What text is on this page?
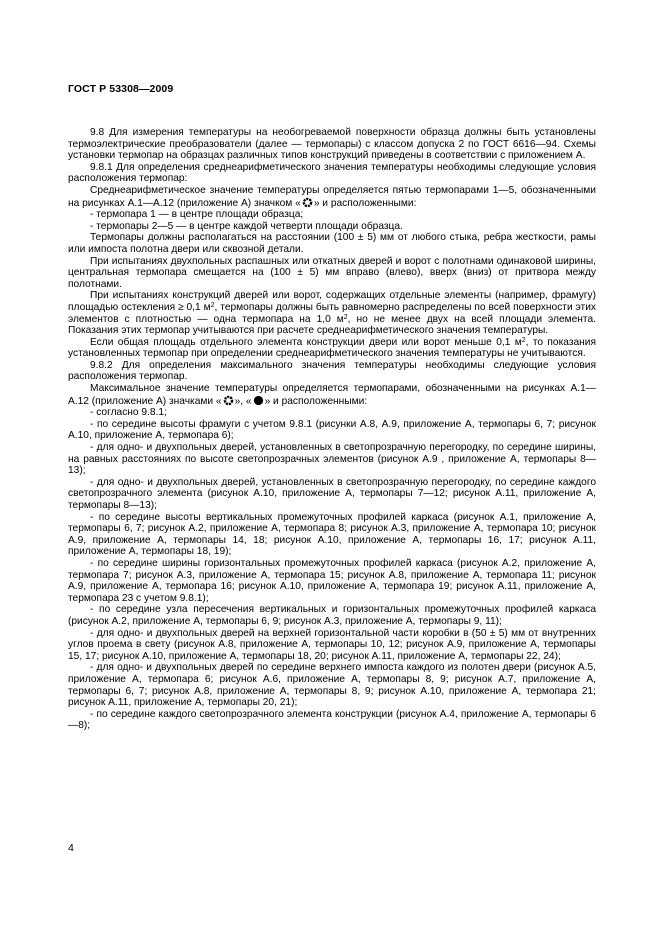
ГОСТ Р 53308—2009

9.8 Для измерения температуры на необогреваемой поверхности образца должны быть установлены термоэлектрические преобразователи (далее — термопары) с классом допуска 2 по ГОСТ 6616—94. Схемы установки термопар на образцах различных типов конструкций приведены в соответствии с приложением А.

9.8.1 Для определения среднеарифметического значения температуры необходимы следующие условия расположения термопар:

Среднеарифметическое значение температуры определяется пятью термопарами 1—5, обозначенными на рисунках А.1—А.12 (приложение А) значком « » и расположенными:

- термопара 1 — в центре площади образца;

- термопары 2—5 — в центре каждой четверти площади образца.

Термопары должны располагаться на расстоянии (100 ± 5) мм от любого стыка, ребра жесткости, рамы или импоста полотна двери или сквозной детали.

При испытаниях двухпольных распашных или откатных дверей и ворот с полотнами одинаковой ширины, центральная термопара смещается на (100 ± 5) мм вправо (влево), вверх (вниз) от притвора между полотнами.

При испытаниях конструкций дверей или ворот, содержащих отдельные элементы (например, фрамугу) площадью остекления ≥ 0,1 $м^2$, термопары должны быть равномерно распределены по всей поверхности этих элементов с плотностью — одна термопара на 1,0 $м^2$, но не менее двух на всей площади элемента. Показания этих термопар учитываются при расчете среднеарифметического значения температуры.

Если общая площадь отдельного элемента конструкции двери или ворот меньше 0,1 $м^2$, то показания установленных термопар при определении среднеарифметического значения температуры не учитываются.

9.8.2 Для определения максимального значения температуры необходимы следующие условия расположения термопар.

Максимальное значение температуры определяется термопарами, обозначенными на рисунках А.1—А.12 (приложение А) значками « », « » и расположенными:

- согласно 9.8.1;

- по середине высоты фрамуги с учетом 9.8.1 (рисунки А.8, А.9, приложение А, термопары 6, 7; рисунок А.10, приложение А, термопара 6);

- для одно- и двухпольных дверей, установленных в светопрозрачную перегородку, по середине ширины, на равных расстояниях по высоте светопрозрачных элементов (рисунок А.9 , приложение А, термопары 8—13);

- для одно- и двухпольных дверей, установленных в светопрозрачную перегородку, по середине каждого светопрозрачного элемента (рисунок А.10, приложение А, термопары 7—12; рисунок А.11, приложение А, термопары 8—13);

- по середине высоты вертикальных промежуточных профилей каркаса (рисунок А.1, приложение А, термопары 6, 7; рисунок А.2, приложение А, термопара 8; рисунок А.3, приложение А, термопара 10; рисунок А.9, приложение А, термопары 14, 18; рисунок А.10, приложение А, термопары 16, 17; рисунок А.11, приложение А, термопары 18, 19);

- по середине ширины горизонтальных промежуточных профилей каркаса (рисунок А.2, приложение А, термопара 7; рисунок А.3, приложение А, термопара 15; рисунок А.8, приложение А, термопара 11; рисунок А.9, приложение А, термопара 16; рисунок А.10, приложение А, термопара 19; рисунок А.11, приложение А, термопара 23 с учетом 9.8.1);

- по середине узла пересечения вертикальных и горизонтальных промежуточных профилей каркаса (рисунок А.2, приложение А, термопары 6, 9; рисунок А.3, приложение А, термопары 9, 11);

- для одно- и двухпольных дверей на верхней горизонтальной части коробки в (50 ± 5) мм от внутренних углов проема в свету (рисунок А.8, приложение А, термопары 10, 12; рисунок А.9, приложение А, термопары 15, 17; рисунок А.10, приложение А, термопары 18, 20; рисунок А.11, приложение А, термопары 22, 24);

- для одно- и двухпольных дверей по середине верхнего импоста каждого из полотен двери (рисунок А.5, приложение А, термопара 6; рисунок А.6, приложение А, термопары 8, 9; рисунок А.7, приложение А, термопары 6, 7; рисунок А.8, приложение А, термопары 8, 9; рисунок А.10, приложение А, термопара 21; рисунок А.11, приложение А, термопары 20, 21);

- по середине каждого светопрозрачного элемента конструкции (рисунок А.4, приложение А, термопары 6—8);

4
